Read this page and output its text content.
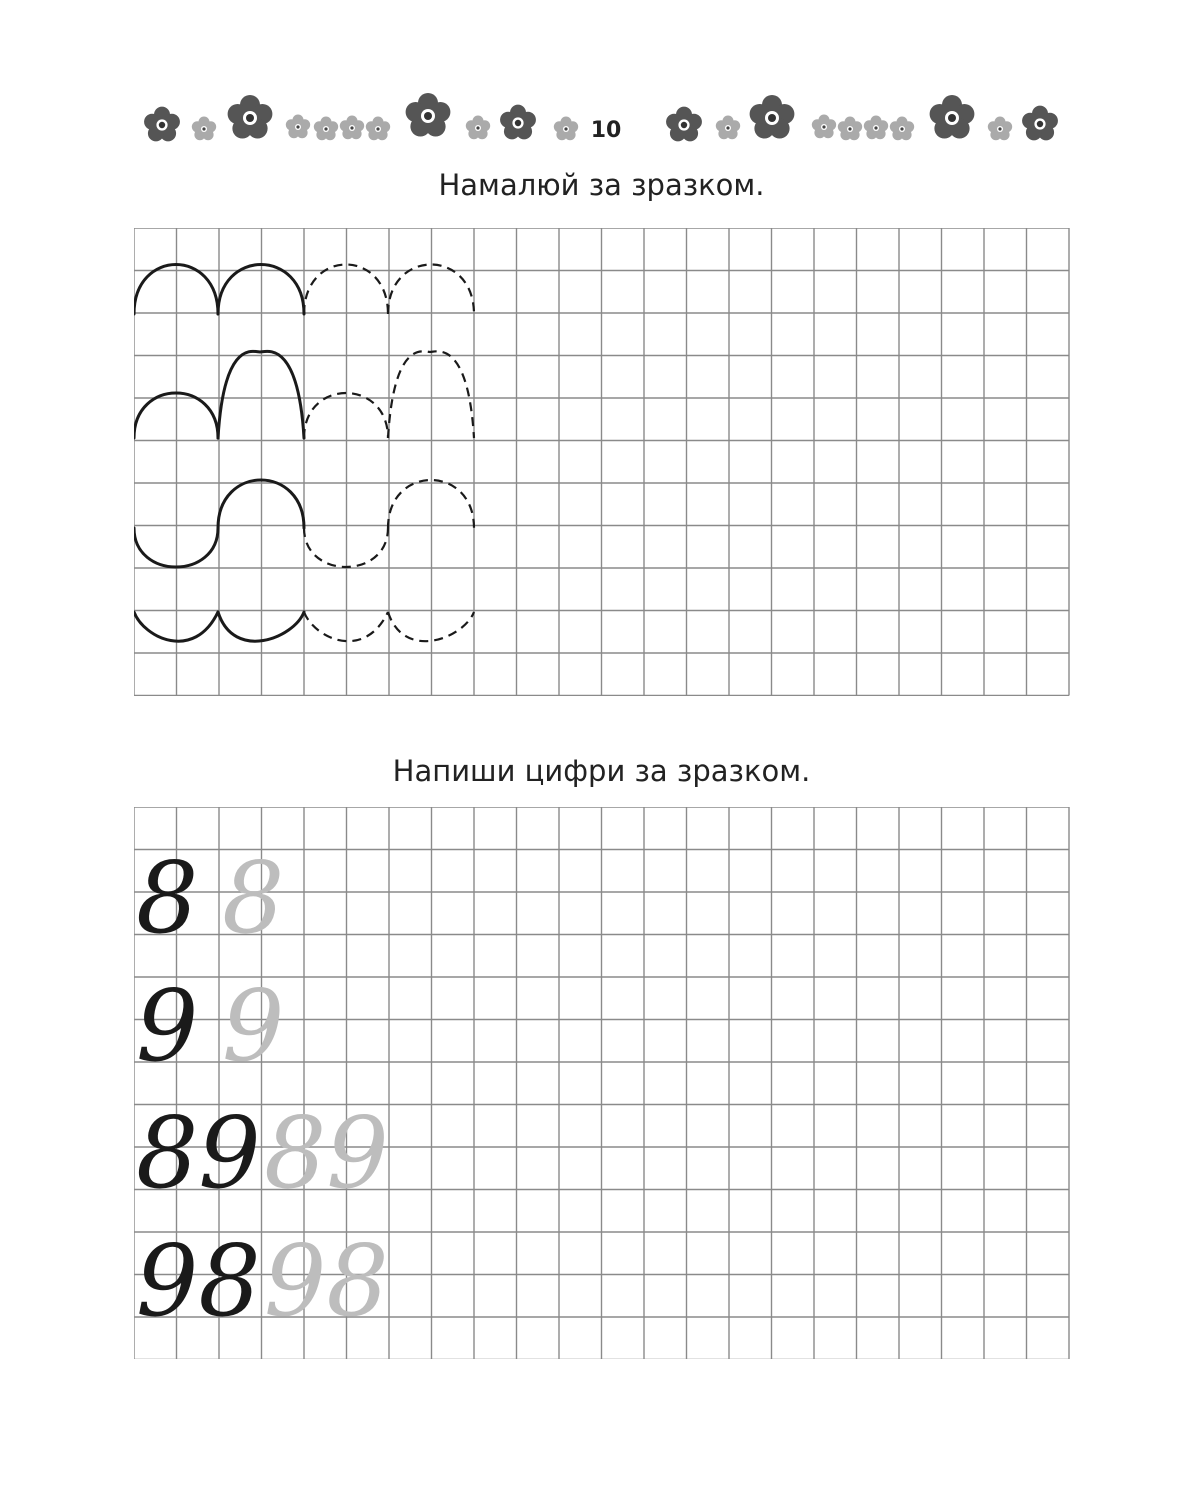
10
Намалюй за зразком.
Напиши цифри за зразком.
8 8
9 9
89 89
98 98
